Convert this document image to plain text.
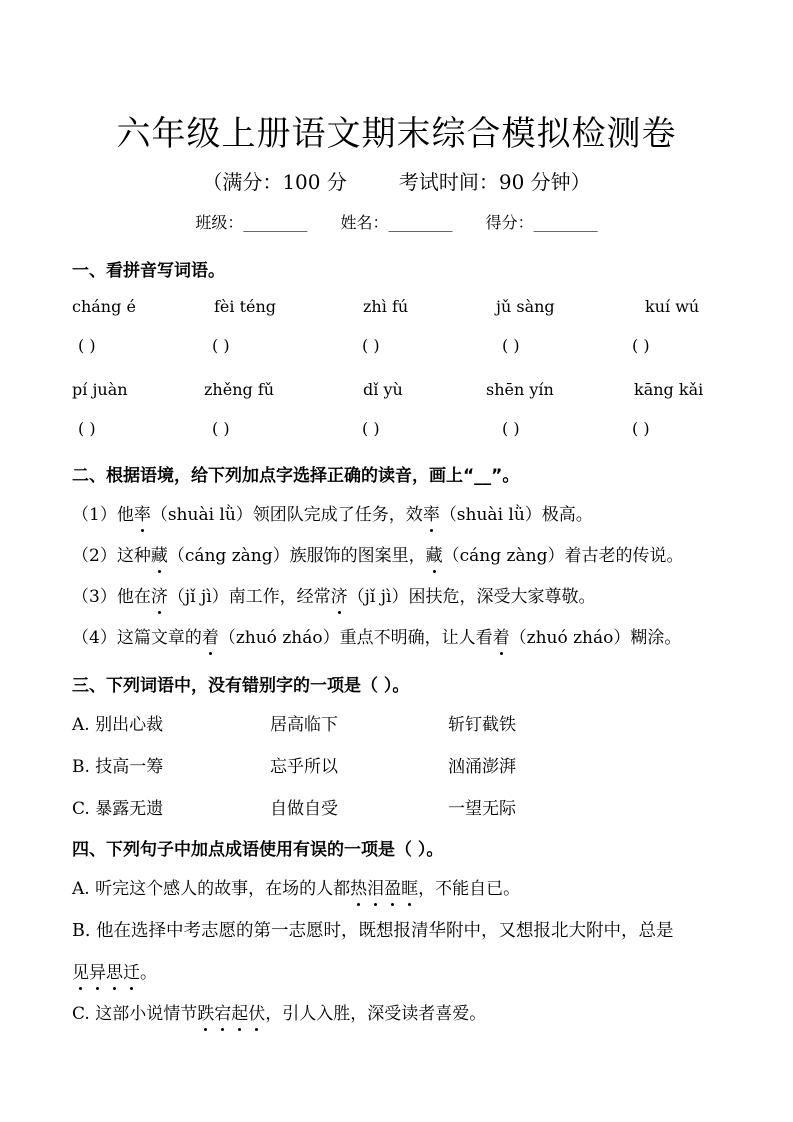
六年级上册语文期末综合模拟检测卷
（满分：100 分	考试时间：90 分钟）
班级：________ 姓名：________ 得分：________
一、看拼音写词语。
cháng é	fèi téng	zhì fú	jǔ sàng	kuí wú
( )	( )	( )	( )	( )
pí juàn	zhěng fǔ	dǐ yù	shēn yín	kāng kǎi
( )	( )	( )	( )	( )
二、根据语境，给下列加点字选择正确的读音，画上“__”。
（1）他率（shuài lǜ）领团队完成了任务，效率（shuài lǜ）极高。
（2）这种藏（cáng zàng）族服饰的图案里，藏（cáng zàng）着古老的传说。
（3）他在济（jǐ jì）南工作，经常济（jǐ jì）困扶危，深受大家尊敬。
（4）这篇文章的着（zhuó zháo）重点不明确，让人看着（zhuó zháo）糊涂。
三、下列词语中，没有错别字的一项是（ ）。
A. 别出心裁	居高临下	斩钉截铁
B. 技高一筹	忘乎所以	汹涌澎湃
C. 暴露无遗	自做自受	一望无际
四、下列句子中加点成语使用有误的一项是（ ）。
A. 听完这个感人的故事，在场的人都热泪盈眶，不能自已。
B. 他在选择中考志愿的第一志愿时，既想报清华附中，又想报北大附中，总是
见异思迁。
C. 这部小说情节跌宕起伏，引人入胜，深受读者喜爱。
